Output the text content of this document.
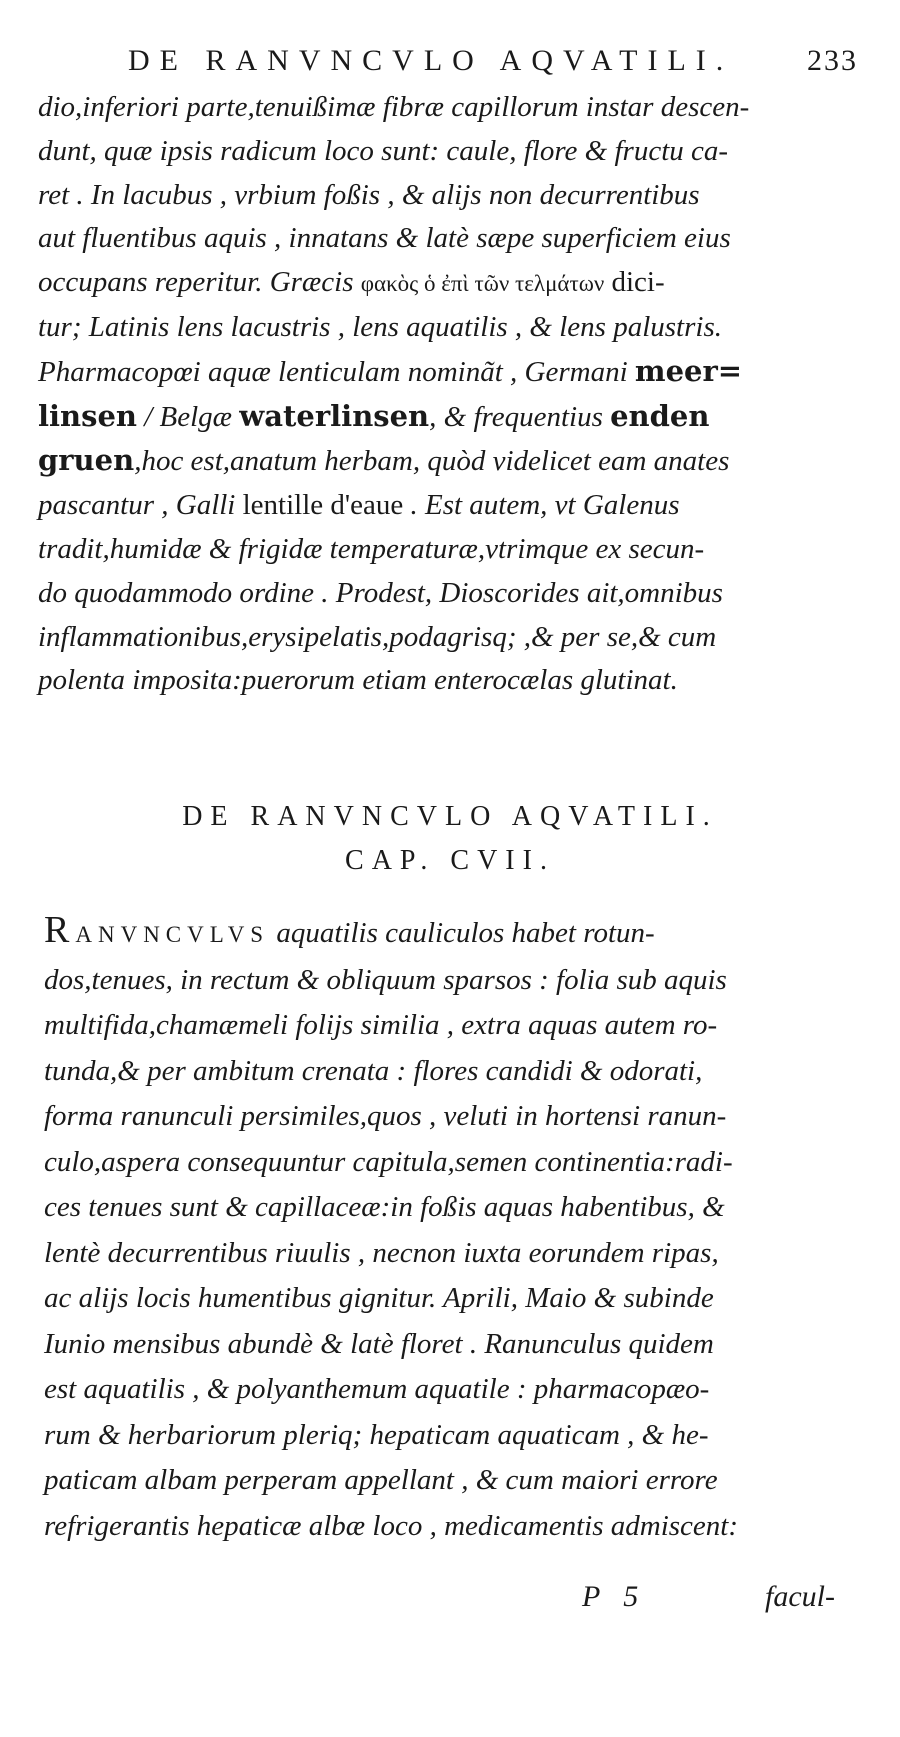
DE RANVNCVLO AQVATILI. 233
dio,inferiori parte,tenuißimæ fibræ capillorum instar descen-
dunt, quæ ipsis radicum loco sunt: caule, flore & fructu ca-
ret . In lacubus , vrbium foßis , & alijs non decurrentibus
aut fluentibus aquis , innatans & latè sæpe superficiem eius
occupans reperitur. Græcis φακὸς ὁ ἐπὶ τῶν τελμάτων dici-
tur; Latinis lens lacustris , lens aquatilis , & lens palustris.
Pharmacopœi aquæ lenticulam nominãt , Germani meer=
linsen / Belgæ waterlinsen, & frequentius enden
gruen,hoc est,anatum herbam, quòd videlicet eam anates
pascantur , Galli lentille d'eaue . Est autem, vt Galenus
tradit,humidæ & frigidæ temperaturæ,vtrimque ex secun-
do quodammodo ordine . Prodest, Dioscorides ait,omnibus
inflammationibus,erysipelatis,podagrisq; ,& per se,& cum
polenta imposita:puerorum etiam enterocælas glutinat.
DE RANVNCVLO AQVATILI.
CAP. CVII.
RANVNCVLVS aquatilis cauliculos habet rotun-
dos,tenues, in rectum & obliquum sparsos : folia sub aquis
multifida,chamæmeli folijs similia , extra aquas autem ro-
tunda,& per ambitum crenata : flores candidi & odorati,
forma ranunculi persimiles,quos , veluti in hortensi ranun-
culo,aspera consequuntur capitula,semen continentia:radi-
ces tenues sunt & capillaceæ:in foßis aquas habentibus, &
lentè decurrentibus riuulis , necnon iuxta eorundem ripas,
ac alijs locis humentibus gignitur. Aprili, Maio & subinde
Iunio mensibus abundè & latè floret . Ranunculus quidem
est aquatilis , & polyanthemum aquatile : pharmacopæo-
rum & herbariorum pleriq; hepaticam aquaticam , & he-
paticam albam perperam appellant , & cum maiori errore
refrigerantis hepaticæ albæ loco , medicamentis admiscent:
P 5	facul-
